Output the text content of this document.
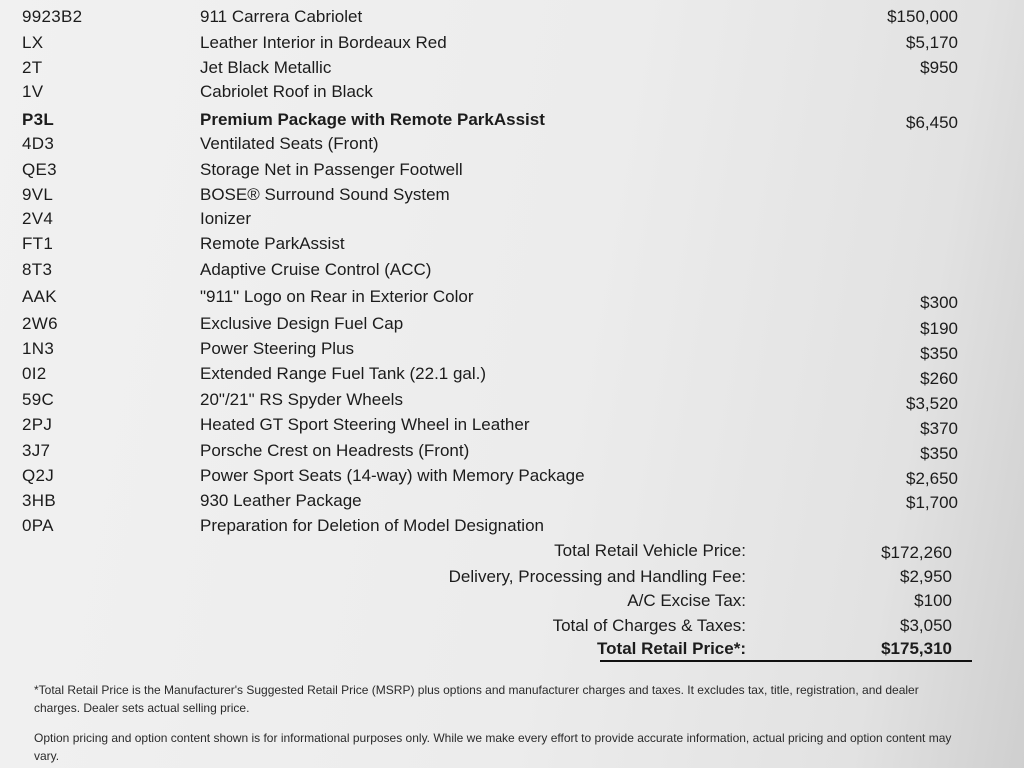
9923B2	911 Carrera Cabriolet	$150,000
LX	Leather Interior in Bordeaux Red	$5,170
2T	Jet Black Metallic	$950
1V	Cabriolet Roof in Black
P3L	Premium Package with Remote ParkAssist	$6,450
4D3	Ventilated Seats (Front)
QE3	Storage Net in Passenger Footwell
9VL	BOSE® Surround Sound System
2V4	Ionizer
FT1	Remote ParkAssist
8T3	Adaptive Cruise Control (ACC)
AAK	"911" Logo on Rear in Exterior Color	$300
2W6	Exclusive Design Fuel Cap	$190
1N3	Power Steering Plus	$350
0I2	Extended Range Fuel Tank (22.1 gal.)	$260
59C	20"/21" RS Spyder Wheels	$3,520
2PJ	Heated GT Sport Steering Wheel in Leather	$370
3J7	Porsche Crest on Headrests (Front)	$350
Q2J	Power Sport Seats (14-way) with Memory Package	$2,650
3HB	930 Leather Package	$1,700
0PA	Preparation for Deletion of Model Designation
Total Retail Vehicle Price:	$172,260
Delivery, Processing and Handling Fee:	$2,950
A/C Excise Tax:	$100
Total of Charges & Taxes:	$3,050
Total Retail Price*:	$175,310
*Total Retail Price is the Manufacturer's Suggested Retail Price (MSRP) plus options and manufacturer charges and taxes. It excludes tax, title, registration, and dealer charges. Dealer sets actual selling price.
Option pricing and option content shown is for informational purposes only. While we make every effort to provide accurate information, actual pricing and option content may vary.
